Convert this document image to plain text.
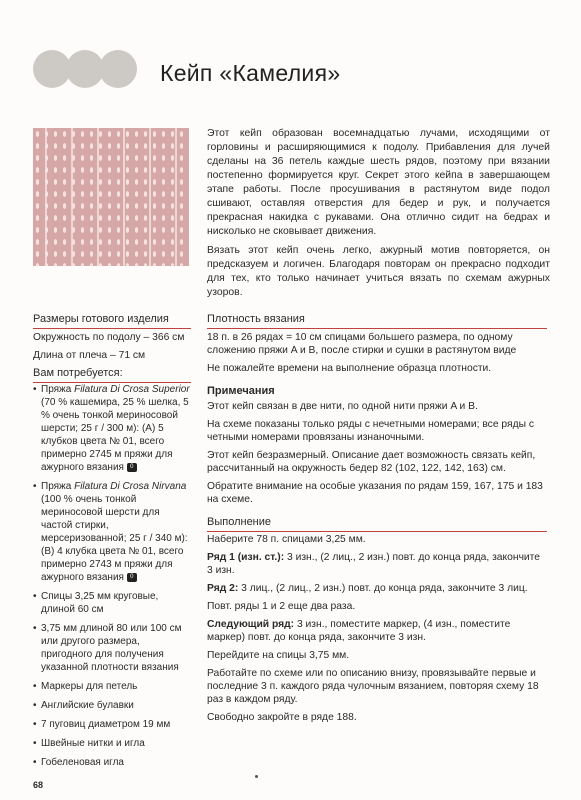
Кейп «Камелия»

Этот кейп образован восемнадцатью лучами, исходящими от горловины и расширяющимися к подолу. Прибавления для лучей сделаны на 36 петель каждые шесть рядов, поэтому при вязании постепенно формируется круг. Секрет этого кейпа в завершающем этапе работы. После просушивания в растянутом виде подол сшивают, оставляя отверстия для бедер и рук, и получается прекрасная накидка с рукавами. Она отлично сидит на бедрах и нисколько не сковывает движения.

Вязать этот кейп очень легко, ажурный мотив повторяется, он предсказуем и логичен. Благодаря повторам он прекрасно подходит для тех, кто только начинает учиться вязать по схемам ажурных узоров.

Размеры готового изделия

Окружность по подолу – 366 см

Длина от плеча – 71 см

Вам потребуется:
• Пряжа Filatura Di Crosa Superior (70 % кашемира, 25 % шелка, 5 % очень тонкой мериносовой шерсти; 25 г / 300 м): (A) 5 клубков цвета № 01, всего примерно 2745 м пряжи для ажурного вязания 0
• Пряжа Filatura Di Crosa Nirvana (100 % очень тонкой мериносовой шерсти для частой стирки, мерсеризованной; 25 г / 340 м): (B) 4 клубка цвета № 01, всего примерно 2743 м пряжи для ажурного вязания 0
• Спицы 3,25 мм круговые, длиной 60 см
• 3,75 мм длиной 80 или 100 см или другого размера, пригодного для получения указанной плотности вязания
• Маркеры для петель
• Английские булавки
• 7 пуговиц диаметром 19 мм
• Швейные нитки и игла
• Гобеленовая игла
Плотность вязания

18 п. в 26 рядах = 10 см спицами большего размера, по одному сложению пряжи A и B, после стирки и сушки в растянутом виде

Не пожалейте времени на выполнение образца плотности.

Примечания

Этот кейп связан в две нити, по одной нити пряжи A и B.

На схеме показаны только ряды с нечетными номерами; все ряды с четными номерами провязаны изнаночными.

Этот кейп безразмерный. Описание дает возможность связать кейп, рассчитанный на окружность бедер 82 (102, 122, 142, 163) см.

Обратите внимание на особые указания по рядам 159, 167, 175 и 183 на схеме.

Выполнение

Наберите 78 п. спицами 3,25 мм.

Ряд 1 (изн. ст.): 3 изн., (2 лиц., 2 изн.) повт. до конца ряда, закончите 3 изн.

Ряд 2: 3 лиц., (2 лиц., 2 изн.) повт. до конца ряда, закончите 3 лиц.

Повт. ряды 1 и 2 еще два раза.

Следующий ряд: 3 изн., поместите маркер, (4 изн., поместите маркер) повт. до конца ряда, закончите 3 изн.

Перейдите на спицы 3,75 мм.

Работайте по схеме или по описанию внизу, провязывайте первые и последние 3 п. каждого ряда чулочным вязанием, повторяя схему 18 раз в каждом ряду.

Свободно закройте в ряде 188.

68
